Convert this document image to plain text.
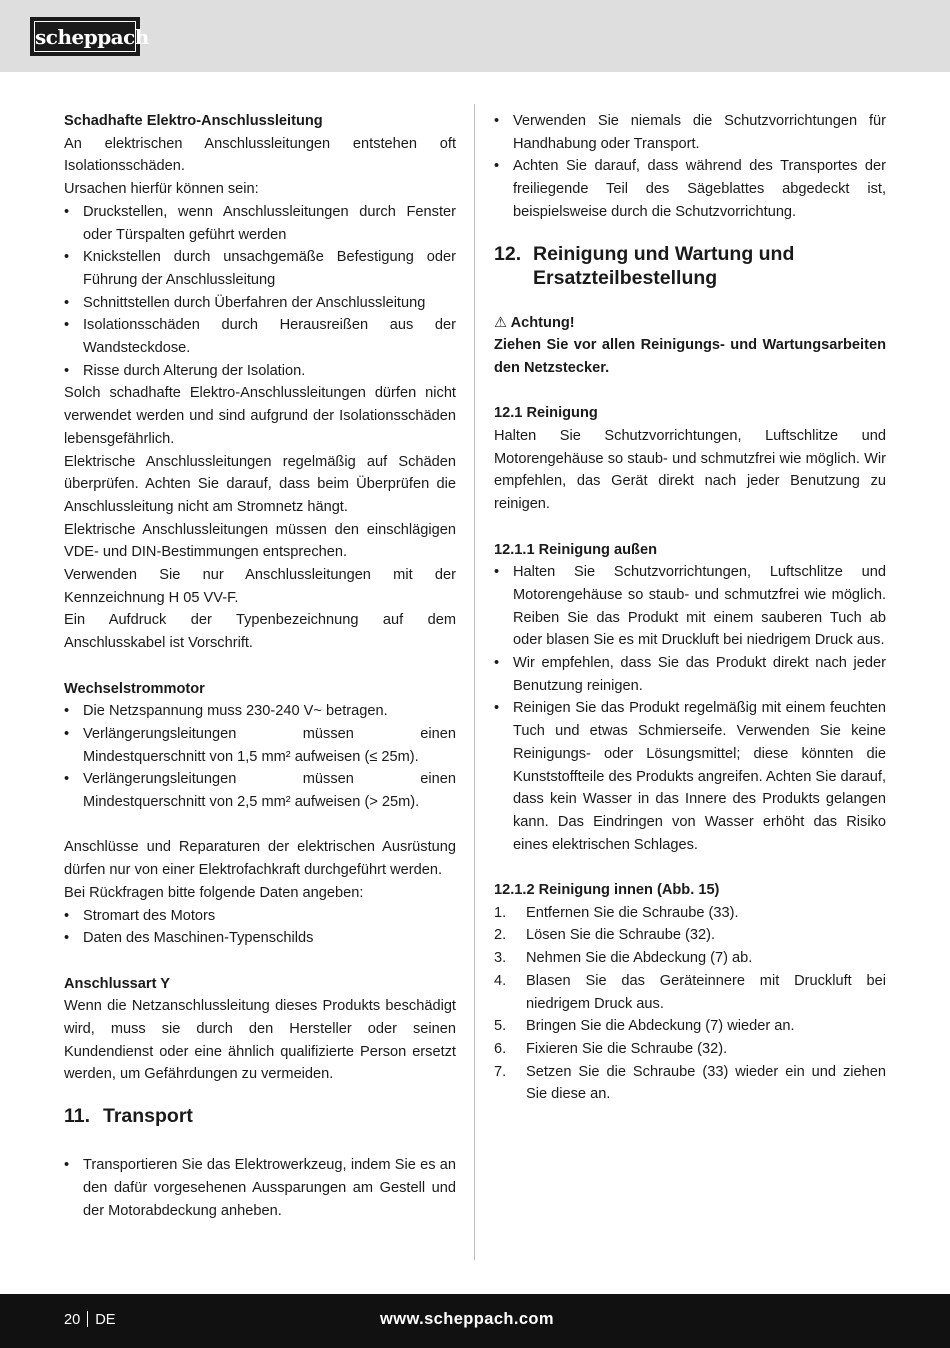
scheppach

Schadhafte Elektro-Anschlussleitung

An elektrischen Anschlussleitungen entstehen oft Isolationsschäden.

Ursachen hierfür können sein:

• Druckstellen, wenn Anschlussleitungen durch Fenster oder Türspalten geführt werden
• Knickstellen durch unsachgemäße Befestigung oder Führung der Anschlussleitung
• Schnittstellen durch Überfahren der Anschlussleitung
• Isolationsschäden durch Herausreißen aus der Wandsteckdose.
• Risse durch Alterung der Isolation.

Solch schadhafte Elektro-Anschlussleitungen dürfen nicht verwendet werden und sind aufgrund der Isolationsschäden lebensgefährlich.

Elektrische Anschlussleitungen regelmäßig auf Schäden überprüfen. Achten Sie darauf, dass beim Überprüfen die Anschlussleitung nicht am Stromnetz hängt.

Elektrische Anschlussleitungen müssen den einschlägigen VDE- und DIN-Bestimmungen entsprechen.

Verwenden Sie nur Anschlussleitungen mit der Kennzeichnung H 05 VV-F.

Ein Aufdruck der Typenbezeichnung auf dem Anschlusskabel ist Vorschrift.

Wechselstrommotor

• Die Netzspannung muss 230-240 V~ betragen.
• Verlängerungsleitungen müssen einen Mindestquerschnitt von 1,5 mm² aufweisen (≤ 25m).
• Verlängerungsleitungen müssen einen Mindestquerschnitt von 2,5 mm² aufweisen (> 25m).

Anschlüsse und Reparaturen der elektrischen Ausrüstung dürfen nur von einer Elektrofachkraft durchgeführt werden.

Bei Rückfragen bitte folgende Daten angeben:

• Stromart des Motors
• Daten des Maschinen-Typenschilds

Anschlussart Y

Wenn die Netzanschlussleitung dieses Produkts beschädigt wird, muss sie durch den Hersteller oder seinen Kundendienst oder eine ähnlich qualifizierte Person ersetzt werden, um Gefährdungen zu vermeiden.

11. Transport
• Transportieren Sie das Elektrowerkzeug, indem Sie es an den dafür vorgesehenen Aussparungen am Gestell und der Motorabdeckung anheben.
• Verwenden Sie niemals die Schutzvorrichtungen für Handhabung oder Transport.
• Achten Sie darauf, dass während des Transportes der freiliegende Teil des Sägeblattes abgedeckt ist, beispielsweise durch die Schutzvorrichtung.
12. Reinigung und Wartung und Ersatzteilbestellung

⚠ Achtung!

Ziehen Sie vor allen Reinigungs- und Wartungsarbeiten den Netzstecker.

12.1 Reinigung

Halten Sie Schutzvorrichtungen, Luftschlitze und Motorengehäuse so staub- und schmutzfrei wie möglich. Wir empfehlen, das Gerät direkt nach jeder Benutzung zu reinigen.

12.1.1 Reinigung außen

• Halten Sie Schutzvorrichtungen, Luftschlitze und Motorengehäuse so staub- und schmutzfrei wie möglich. Reiben Sie das Produkt mit einem sauberen Tuch ab oder blasen Sie es mit Druckluft bei niedrigem Druck aus.
• Wir empfehlen, dass Sie das Produkt direkt nach jeder Benutzung reinigen.
• Reinigen Sie das Produkt regelmäßig mit einem feuchten Tuch und etwas Schmierseife. Verwenden Sie keine Reinigungs- oder Lösungsmittel; diese könnten die Kunststoffteile des Produkts angreifen. Achten Sie darauf, dass kein Wasser in das Innere des Produkts gelangen kann. Das Eindringen von Wasser erhöht das Risiko eines elektrischen Schlages.

12.1.2 Reinigung innen (Abb. 15)

1. Entfernen Sie die Schraube (33).
2. Lösen Sie die Schraube (32).
3. Nehmen Sie die Abdeckung (7) ab.
4. Blasen Sie das Geräteinnere mit Druckluft bei niedrigem Druck aus.
5. Bringen Sie die Abdeckung (7) wieder an.
6. Fixieren Sie die Schraube (32).
7. Setzen Sie die Schraube (33) wieder ein und ziehen Sie diese an.
20 DE	www.scheppach.com
